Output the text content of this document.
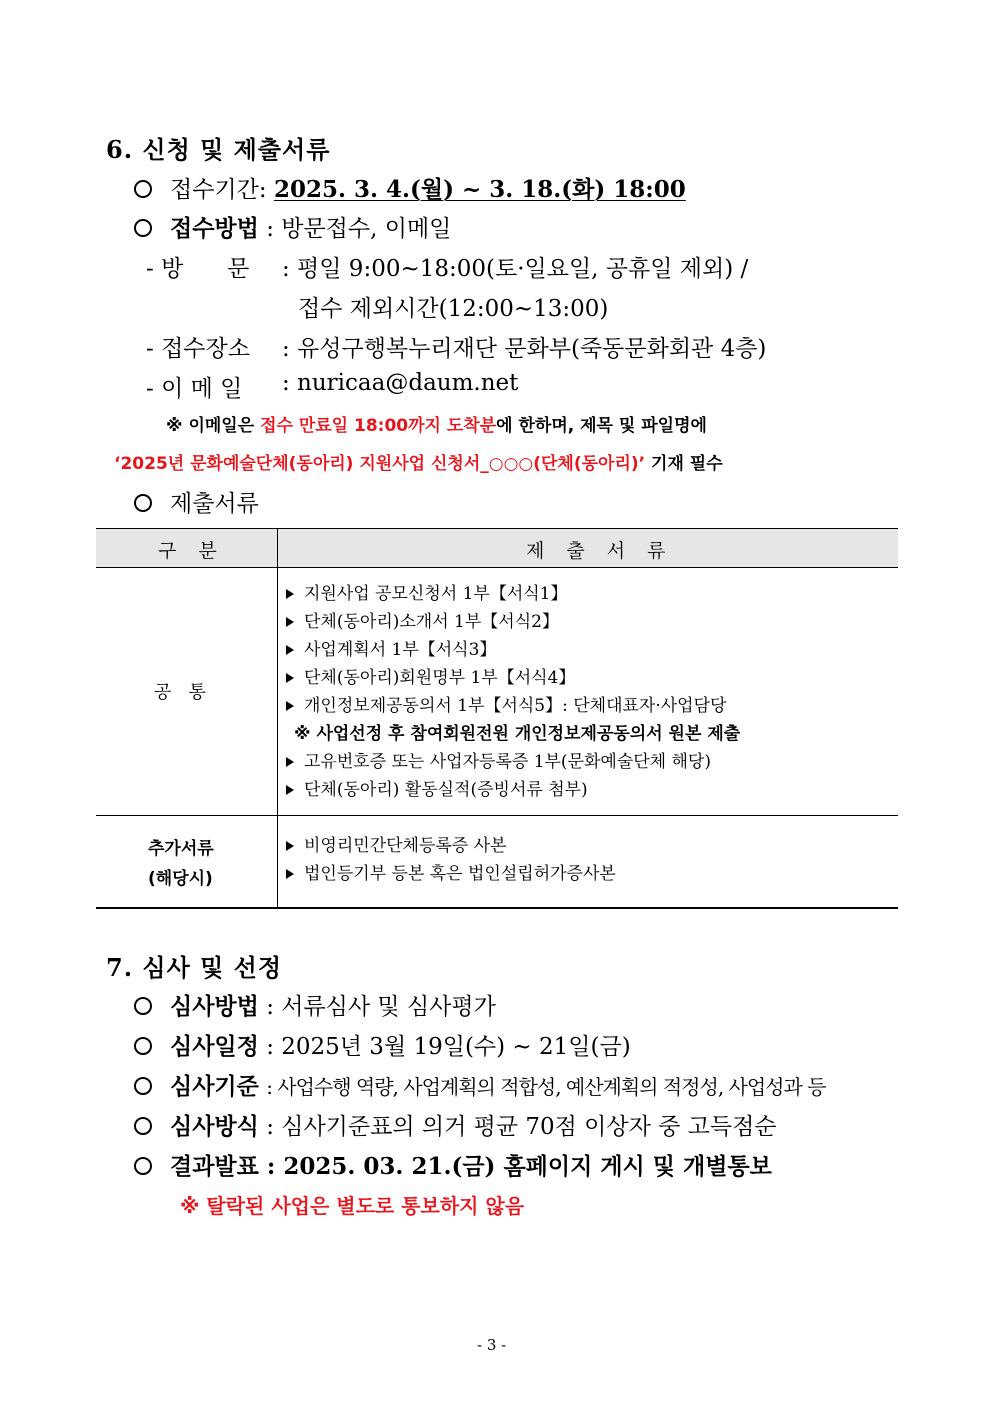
6. 신청 및 제출서류
접수기간: 2025. 3. 4.(월) ~ 3. 18.(화) 18:00
접수방법 : 방문접수, 이메일
- 방      문 : 평일 9:00~18:00(토·일요일, 공휴일 제외) /
접수 제외시간(12:00~13:00)
- 접수장소 : 유성구행복누리재단 문화부(죽동문화회관 4층)
- 이 메 일 : nuricaa@daum.net
※ 이메일은 접수 만료일 18:00까지 도착분에 한하며, 제목 및 파일명에
‘2025년 문화예술단체(동아리) 지원사업 신청서_○○○(단체(동아리)’ 기재 필수
제출서류
구 분	제 출 서 류
공   통
지원사업 공모신청서 1부【서식1】
단체(동아리)소개서 1부【서식2】
사업계획서 1부【서식3】
단체(동아리)회원명부 1부【서식4】
개인정보제공동의서 1부【서식5】: 단체대표자·사업담당
※ 사업선정 후 참여회원전원 개인정보제공동의서 원본 제출
고유번호증 또는 사업자등록증 1부(문화예술단체 해당)
단체(동아리) 활동실적(증빙서류 첨부)
추가서류
(해당시)
비영리민간단체등록증 사본
법인등기부 등본 혹은 법인설립허가증사본
7. 심사 및 선정
심사방법 : 서류심사 및 심사평가
심사일정 : 2025년 3월 19일(수) ~ 21일(금)
심사기준 : 사업수행 역량, 사업계획의 적합성, 예산계획의 적정성, 사업성과 등
심사방식 : 심사기준표의 의거 평균 70점 이상자 중 고득점순
결과발표 : 2025. 03. 21.(금) 홈페이지 게시 및 개별통보
※ 탈락된 사업은 별도로 통보하지 않음
- 3 -
